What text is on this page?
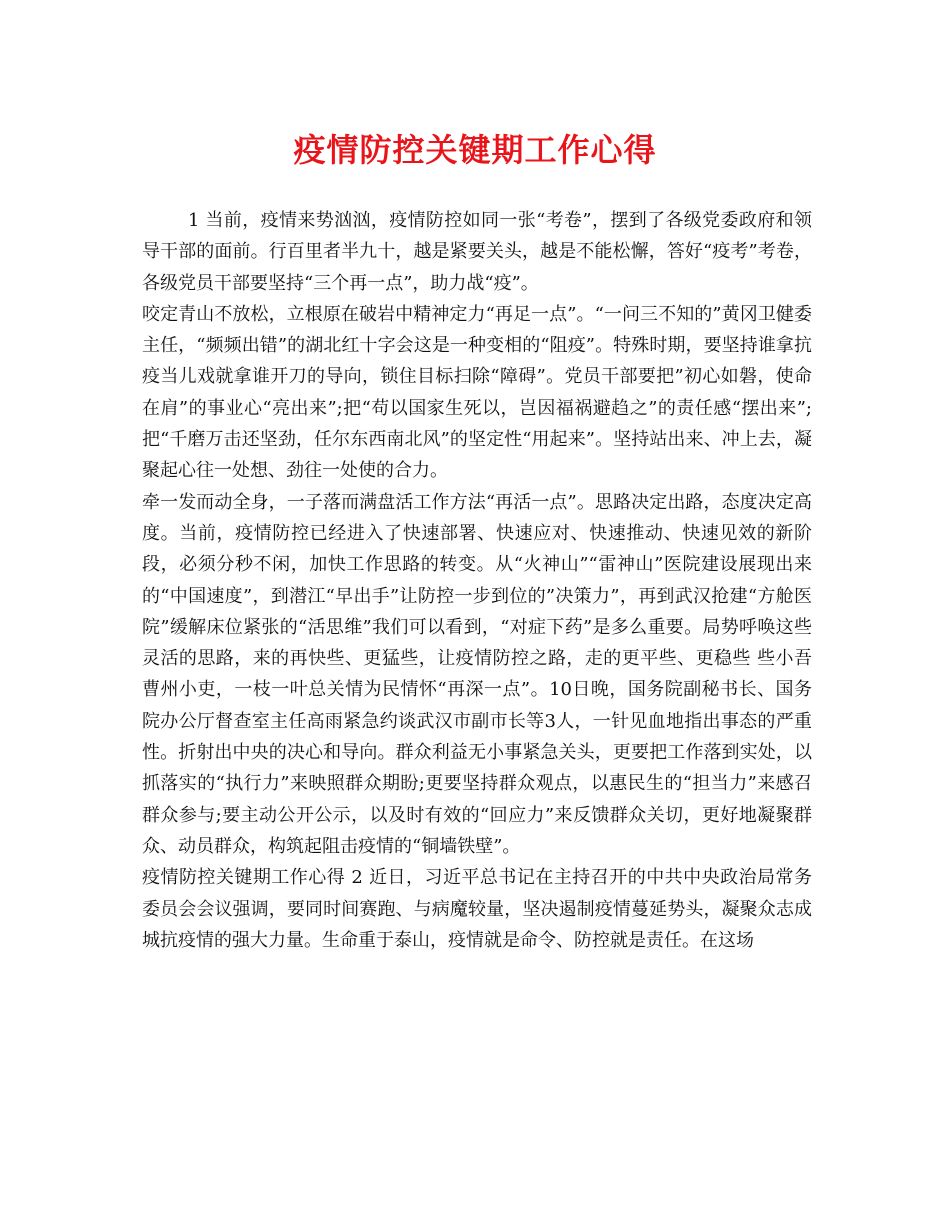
疫情防控关键期工作心得

1 当前，疫情来势汹汹，疫情防控如同一张“考卷”，摆到了各级党委政府和领导干部的面前。行百里者半九十，越是紧要关头，越是不能松懈，答好“疫考”考卷，各级党员干部要坚持“三个再一点”，助力战“疫”。

咬定青山不放松，立根原在破岩中精神定力“再足一点”。“一问三不知的”黄冈卫健委主任，“频频出错”的湖北红十字会这是一种变相的“阻疫”。特殊时期，要坚持谁拿抗疫当儿戏就拿谁开刀的导向，锁住目标扫除“障碍”。党员干部要把”初心如磐，使命在肩”的事业心“亮出来”;把“苟以国家生死以，岂因福祸避趋之”的责任感“摆出来”;把“千磨万击还坚劲，任尔东西南北风”的坚定性“用起来”。坚持站出来、冲上去，凝聚起心往一处想、劲往一处使的合力。

牵一发而动全身，一子落而满盘活工作方法“再活一点”。思路决定出路，态度决定高度。当前，疫情防控已经进入了快速部署、快速应对、快速推动、快速见效的新阶段，必须分秒不闲，加快工作思路的转变。从“火神山”“雷神山”医院建设展现出来的“中国速度”，到潜江“早出手”让防控一步到位的”决策力”，再到武汉抢建“方舱医院”缓解床位紧张的“活思维”我们可以看到，“对症下药”是多么重要。局势呼唤这些灵活的思路，来的再快些、更猛些，让疫情防控之路，走的更平些、更稳些 些小吾曹州小吏，一枝一叶总关情为民情怀“再深一点”。10日晚，国务院副秘书长、国务院办公厅督查室主任高雨紧急约谈武汉市副市长等3人，一针见血地指出事态的严重性。折射出中央的决心和导向。群众利益无小事紧急关头，更要把工作落到实处，以抓落实的“执行力”来映照群众期盼;更要坚持群众观点，以惠民生的“担当力”来感召群众参与;要主动公开公示，以及时有效的“回应力”来反馈群众关切，更好地凝聚群众、动员群众，构筑起阻击疫情的“铜墙铁壁”。

疫情防控关键期工作心得 2 近日，习近平总书记在主持召开的中共中央政治局常务委员会会议强调，要同时间赛跑、与病魔较量，坚决遏制疫情蔓延势头，凝聚众志成城抗疫情的强大力量。生命重于泰山，疫情就是命令、防控就是责任。在这场
